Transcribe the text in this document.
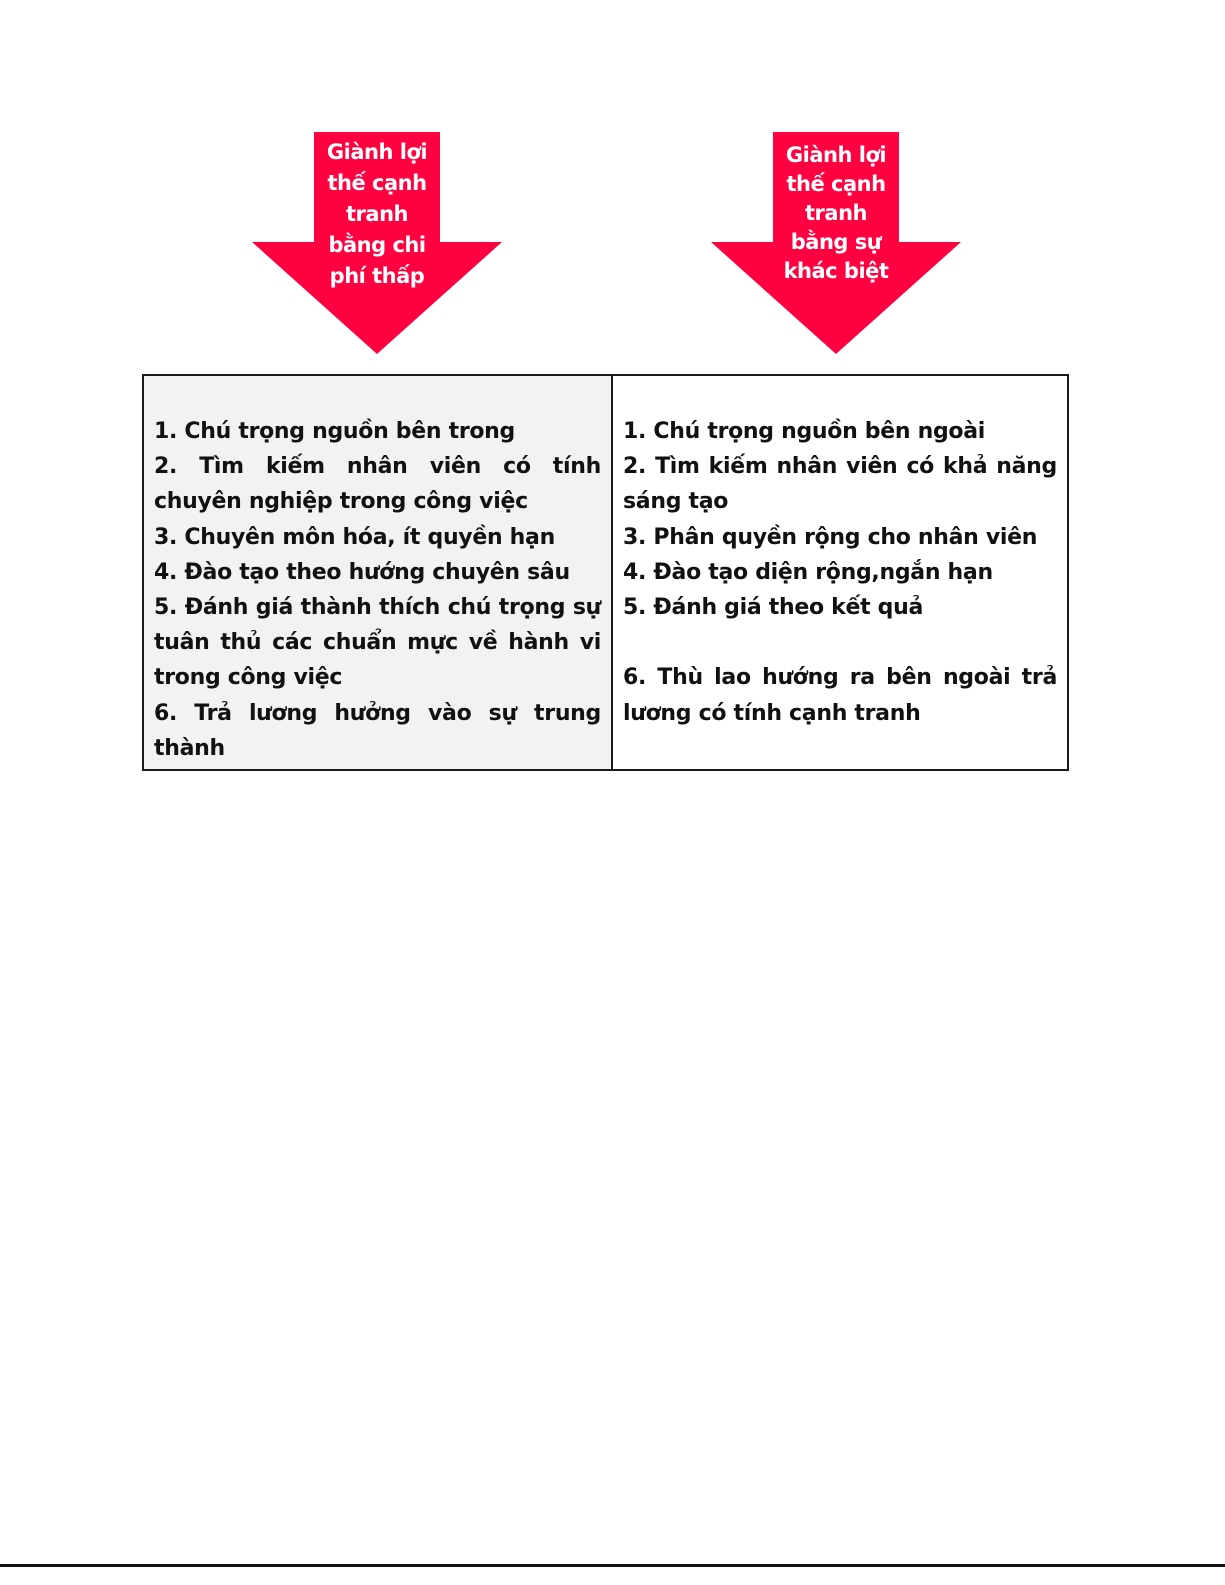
Giành lợi
thế cạnh
tranh
bằng chi
phí thấp
Giành lợi
thế cạnh
tranh
bằng sự
khác biệt

1. Chú trọng nguồn bên trong

2. Tìm kiếm nhân viên có tính chuyên nghiệp trong công việc

3. Chuyên môn hóa, ít quyền hạn

4. Đào tạo theo hướng chuyên sâu

5. Đánh giá thành thích chú trọng sự tuân thủ các chuẩn mực về hành vi trong công việc

6. Trả lương hưởng vào sự trung thành

1. Chú trọng nguồn bên ngoài

2. Tìm kiếm nhân viên có khả năng sáng tạo

3. Phân quyền rộng cho nhân viên

4. Đào tạo diện rộng,ngắn hạn

5. Đánh giá theo kết quả

6. Thù lao hướng ra bên ngoài trả lương có tính cạnh tranh
